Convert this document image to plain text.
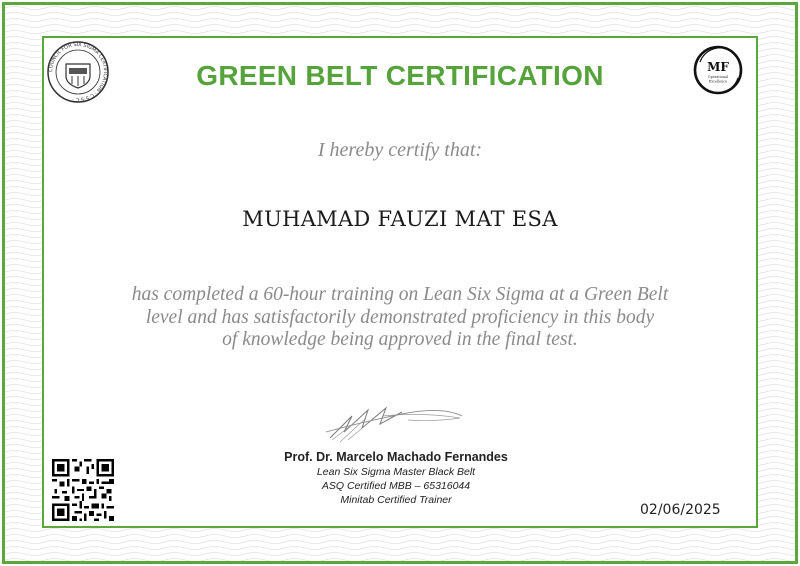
COUNCIL FOR SIX SIGMA CERTIFICATION · C·S·S·C ·
MF
Operational
Excellence
GREEN BELT CERTIFICATION
I hereby certify that:
MUHAMAD FAUZI MAT ESA
has completed a 60-hour training on Lean Six Sigma at a Green Belt
level and has satisfactorily demonstrated proficiency in this body
of knowledge being approved in the final test.
Prof. Dr. Marcelo Machado Fernandes
Lean Six Sigma Master Black Belt
ASQ Certified MBB – 65316044
Minitab Certified Trainer
02/06/2025
